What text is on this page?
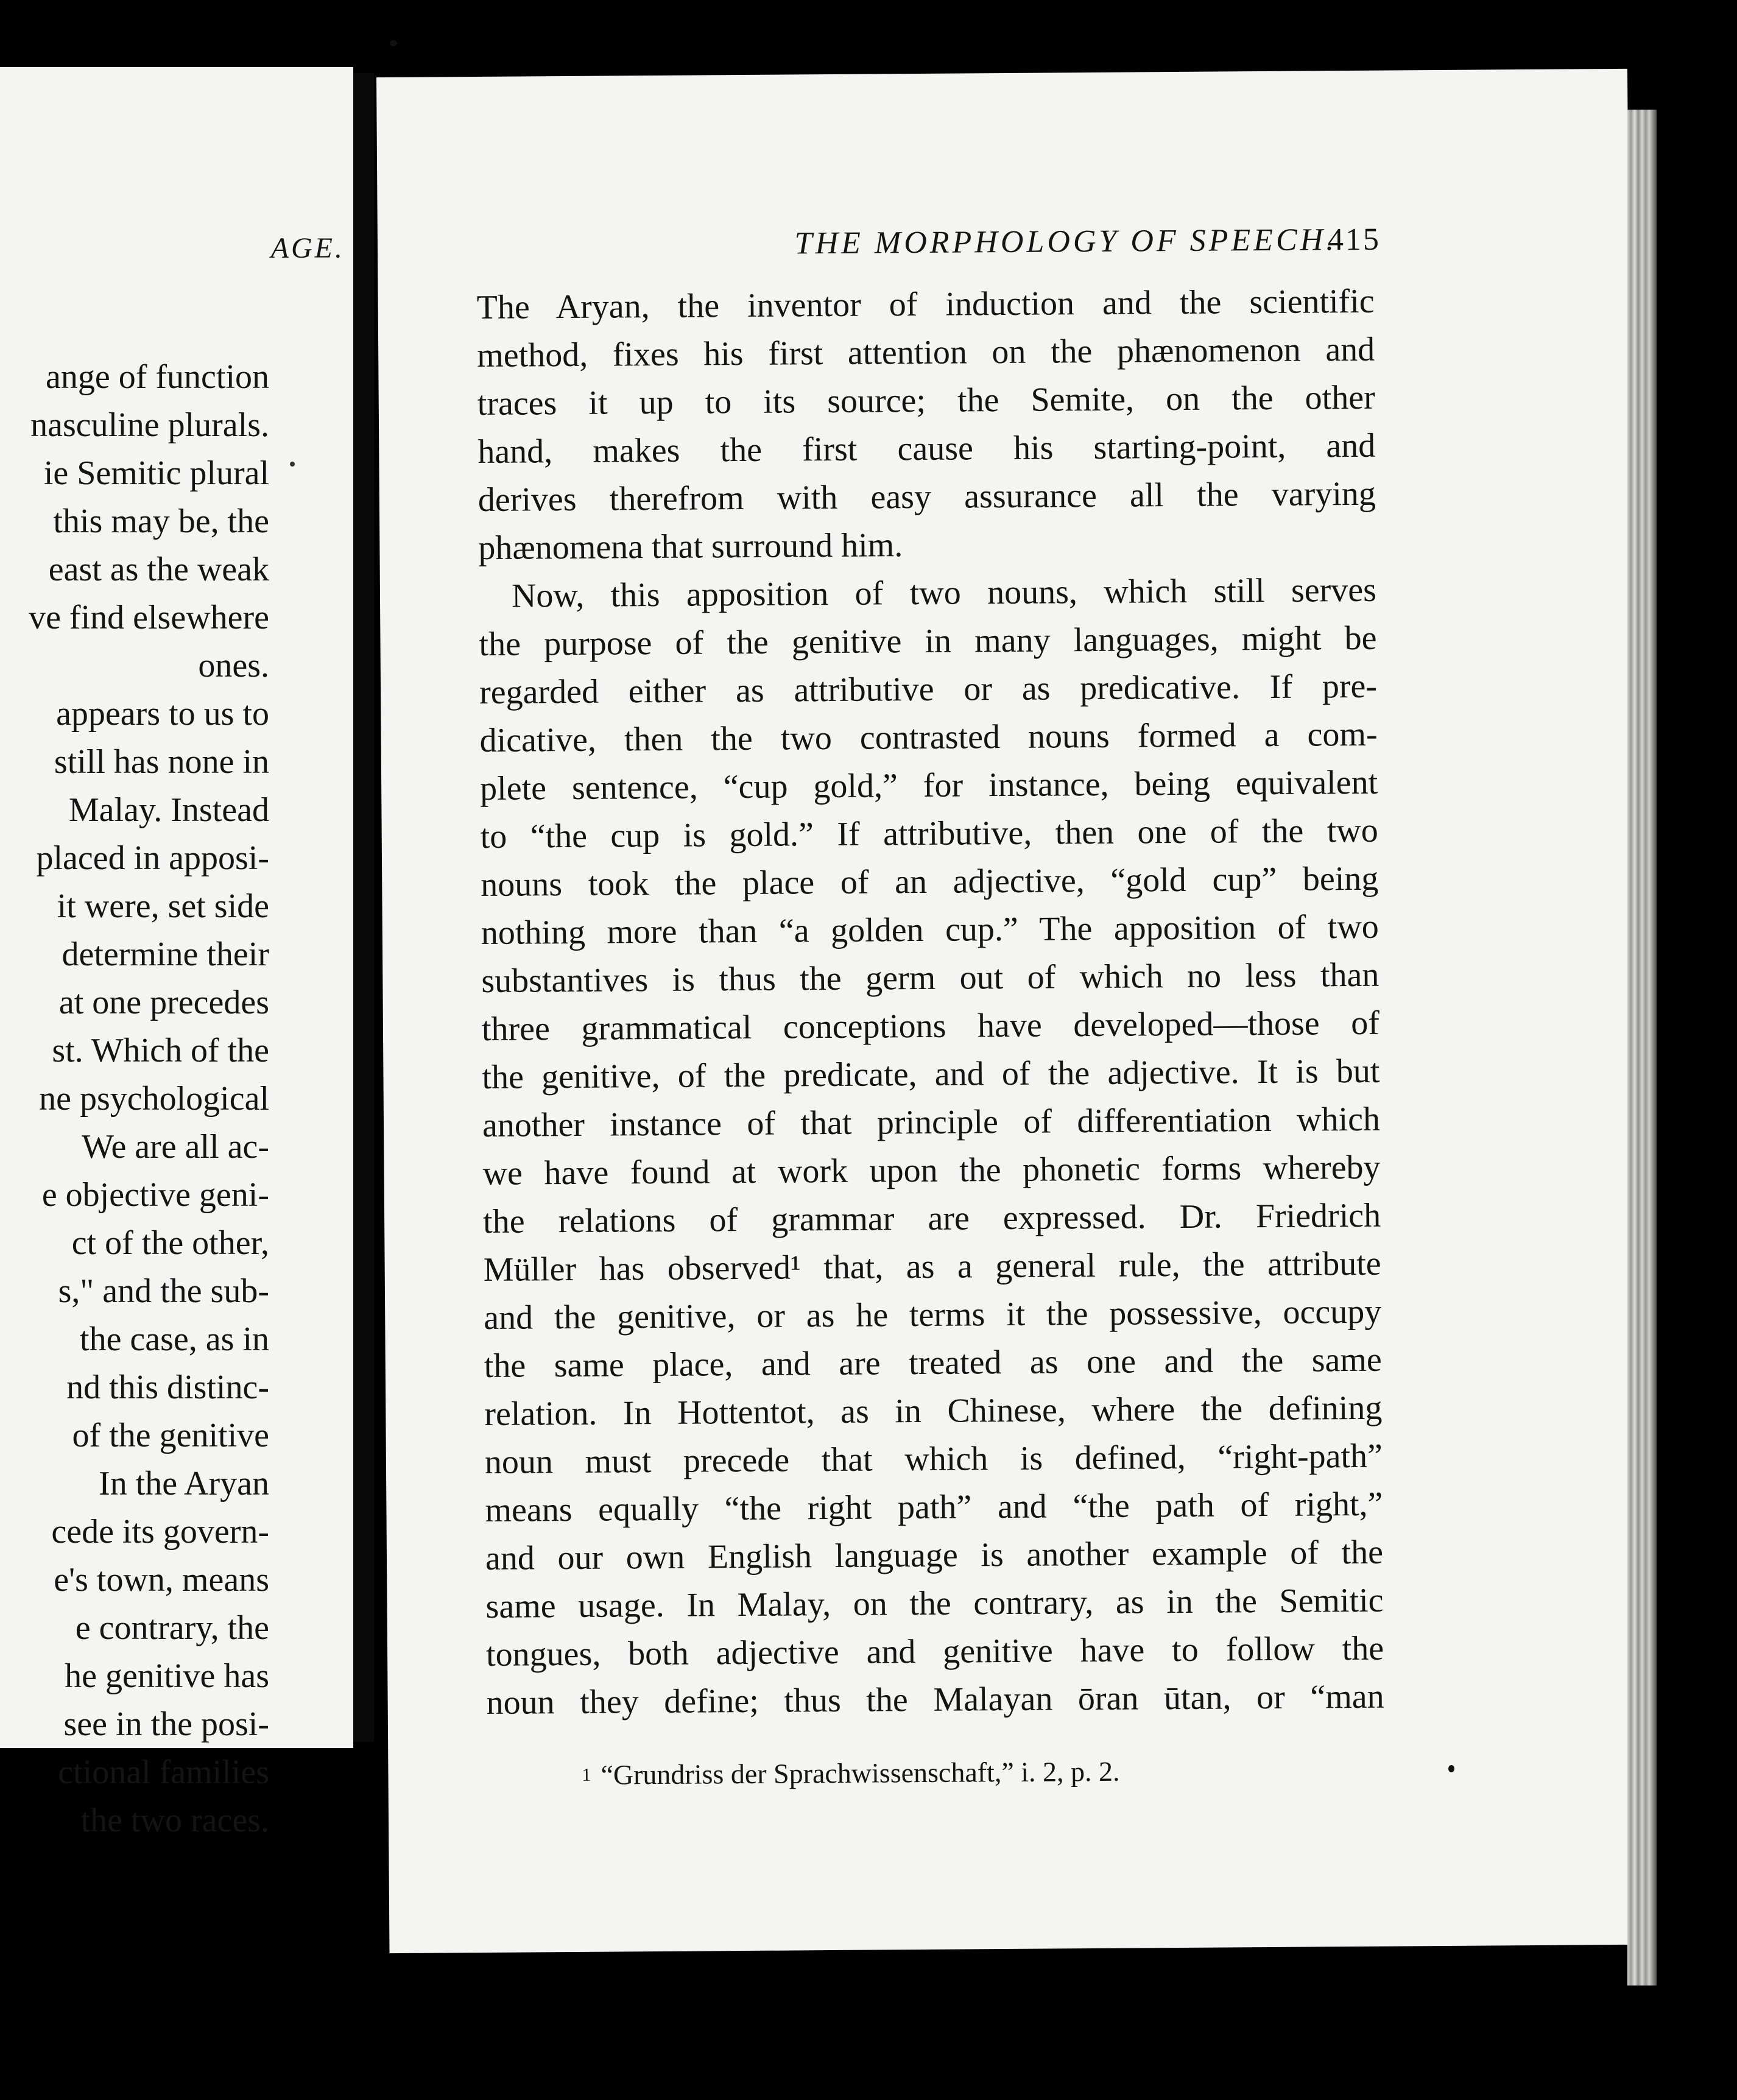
AGE.
ange of function
nasculine plurals.
ie Semitic plural
this may be, the
east as the weak
ve find elsewhere
ones.
appears to us to
still has none in
Malay. Instead
placed in apposi-
it were, set side
determine their
at one precedes
st. Which of the
ne psychological
We are all ac-
e objective geni-
ct of the other,
s," and the sub-
the case, as in
nd this distinc-
of the genitive
In the Aryan
cede its govern-
e's town, means
e contrary, the
he genitive has
see in the posi-
ctional families
the two races.
THE MORPHOLOGY OF SPEECH.
415
The Aryan, the inventor of induction and the scientific
method, fixes his first attention on the phænomenon and
traces it up to its source; the Semite, on the other
hand, makes the first cause his starting-point, and
derives therefrom with easy assurance all the varying
phænomena that surround him.
Now, this apposition of two nouns, which still serves
the purpose of the genitive in many languages, might be
regarded either as attributive or as predicative. If pre-
dicative, then the two contrasted nouns formed a com-
plete sentence, “cup gold,” for instance, being equivalent
to “the cup is gold.” If attributive, then one of the two
nouns took the place of an adjective, “gold cup” being
nothing more than “a golden cup.” The apposition of two
substantives is thus the germ out of which no less than
three grammatical conceptions have developed—those of
the genitive, of the predicate, and of the adjective. It is but
another instance of that principle of differentiation which
we have found at work upon the phonetic forms whereby
the relations of grammar are expressed. Dr. Friedrich
Müller has observed¹ that, as a general rule, the attribute
and the genitive, or as he terms it the possessive, occupy
the same place, and are treated as one and the same
relation. In Hottentot, as in Chinese, where the defining
noun must precede that which is defined, “right-path”
means equally “the right path” and “the path of right,”
and our own English language is another example of the
same usage. In Malay, on the contrary, as in the Semitic
tongues, both adjective and genitive have to follow the
noun they define; thus the Malayan ōran ūtan, or “man
$^1$ “Grundriss der Sprachwissenschaft,” i. 2, p. 2.
